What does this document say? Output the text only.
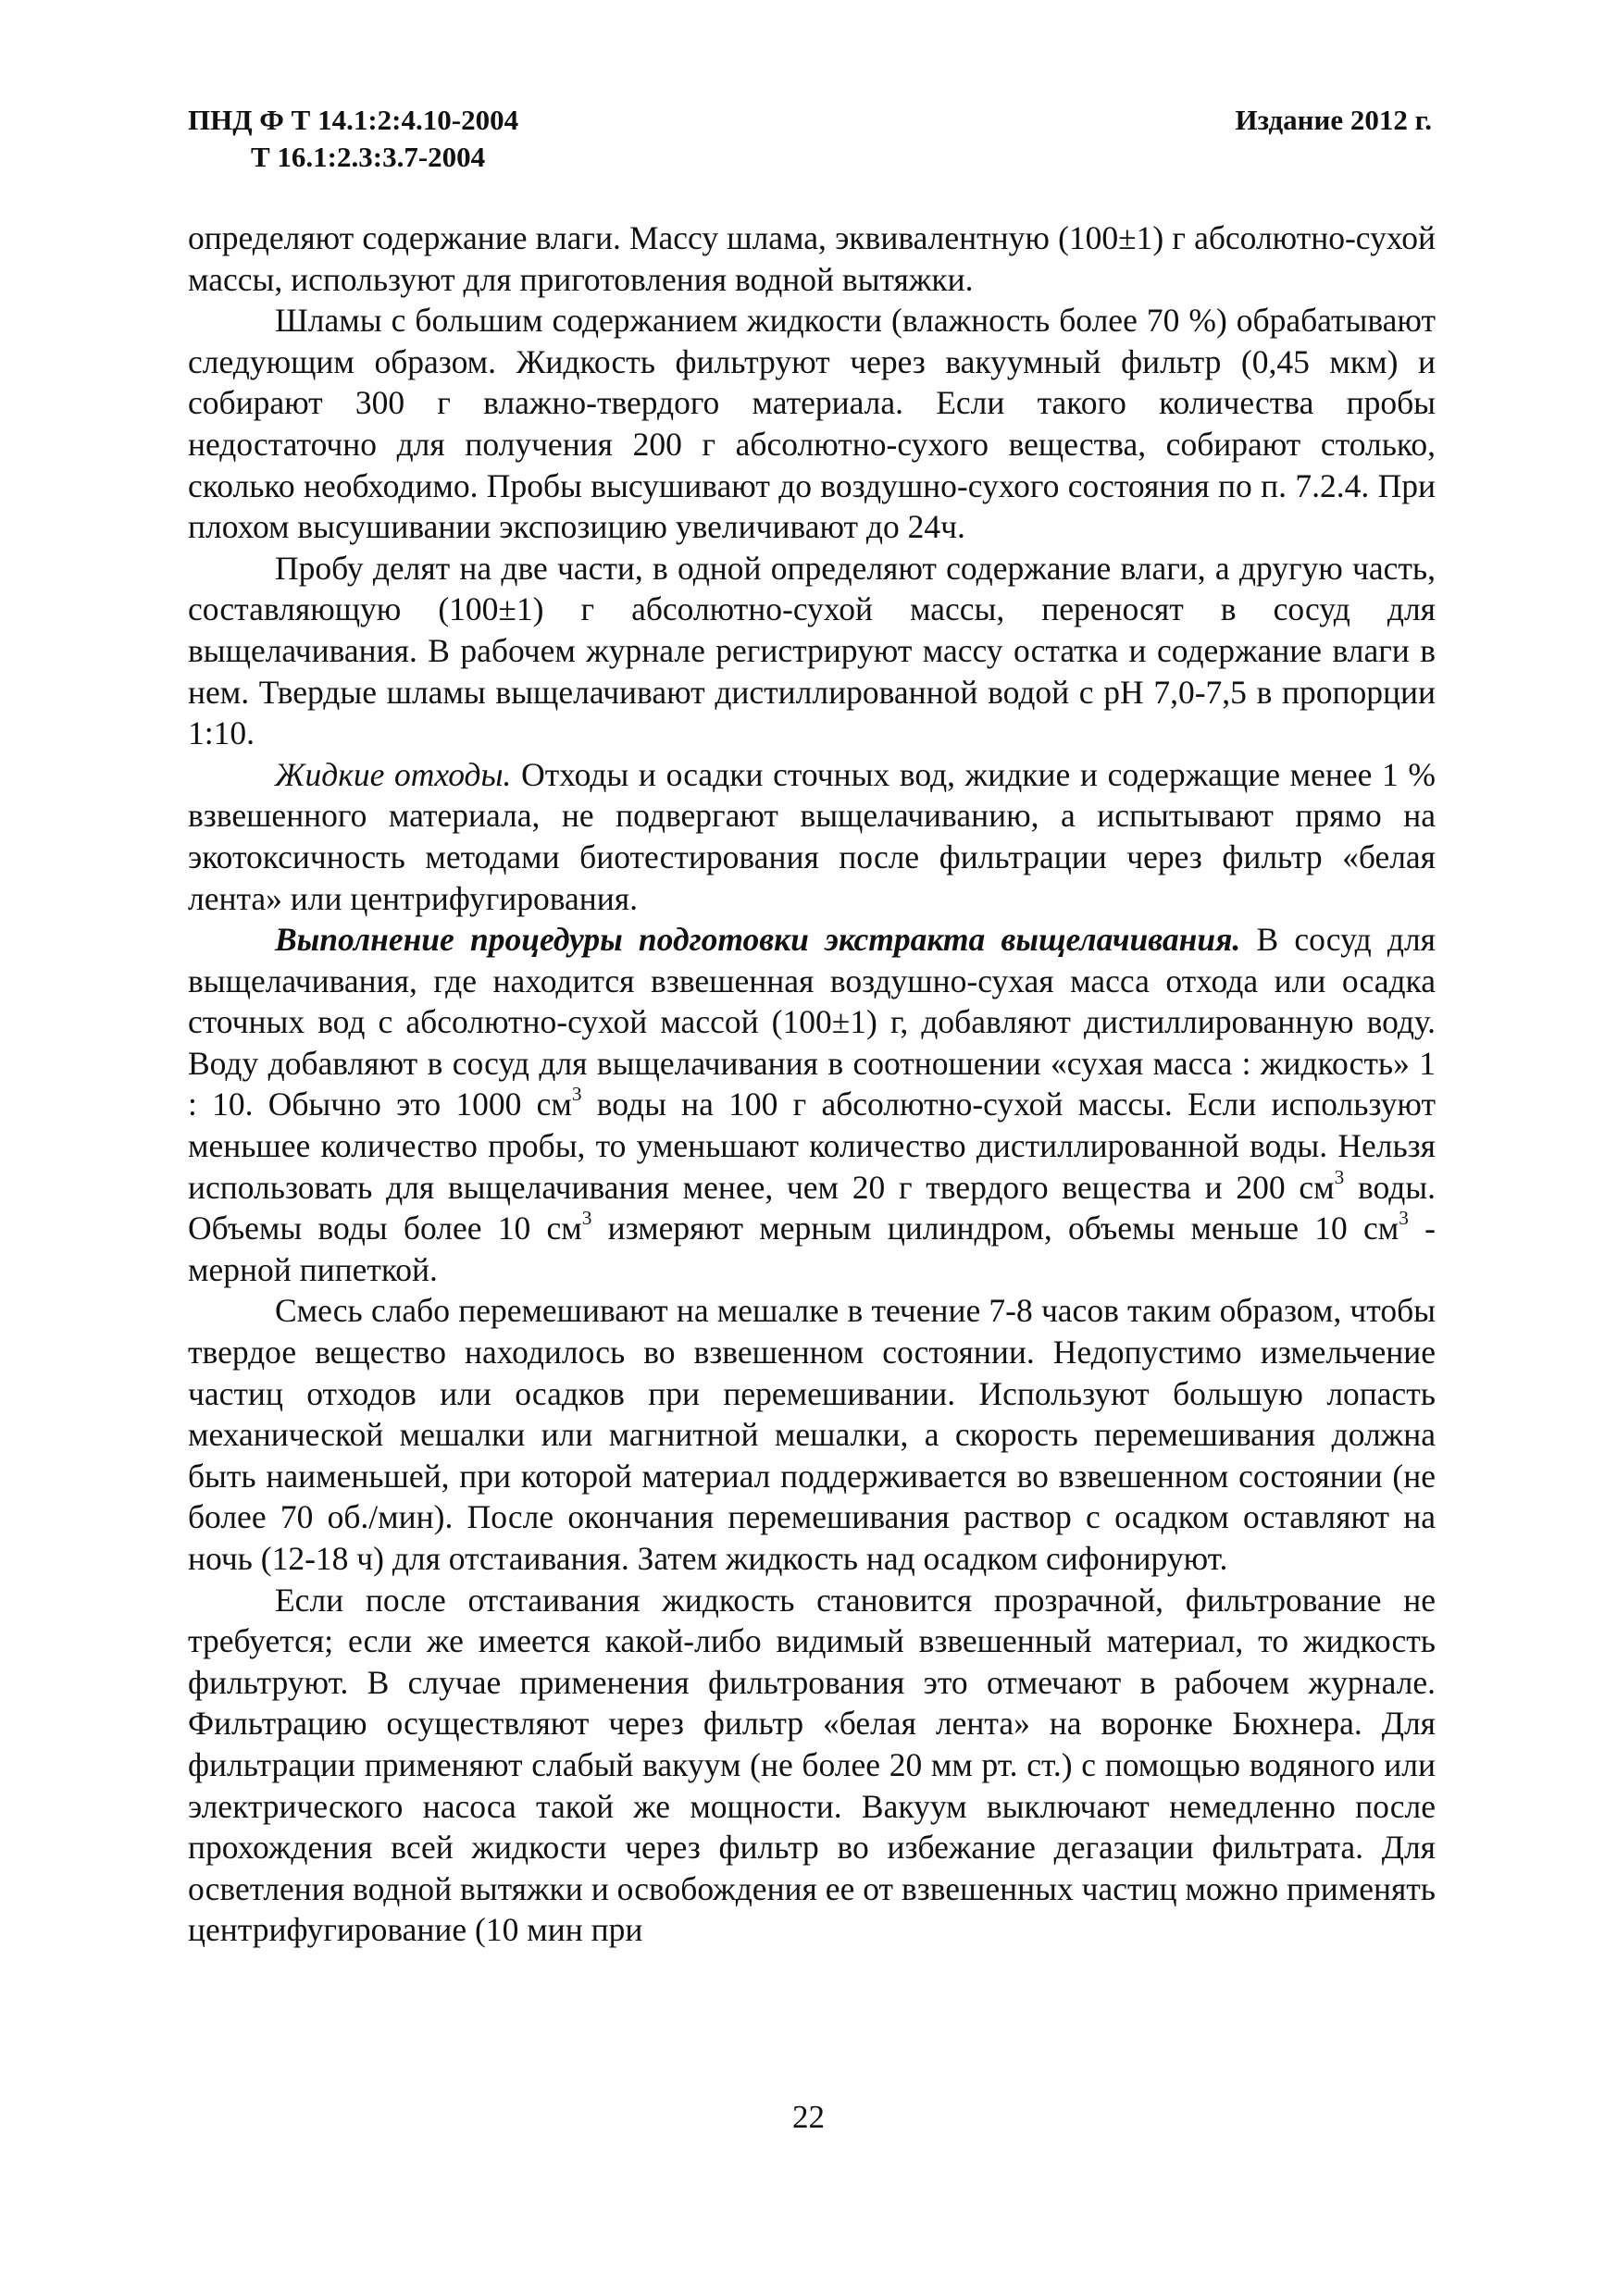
ПНД Ф Т 14.1:2:4.10-2004
Т 16.1:2.3:3.7-2004
Издание 2012 г.

определяют содержание влаги. Массу шлама, эквивалентную (100±1) г абсолютно-сухой массы, используют для приготовления водной вытяжки.

Шламы с большим содержанием жидкости (влажность более 70 %) обрабатывают следующим образом. Жидкость фильтруют через вакуумный фильтр (0,45 мкм) и собирают 300 г влажно-твердого материала. Если такого количества пробы недостаточно для получения 200 г абсолютно-сухого вещества, собирают столько, сколько необходимо. Пробы высушивают до воздушно-сухого состояния по п. 7.2.4. При плохом высушивании экспозицию увеличивают до 24ч.

Пробу делят на две части, в одной определяют содержание влаги, а другую часть, составляющую (100±1) г абсолютно-сухой массы, переносят в сосуд для выщелачивания. В рабочем журнале регистрируют массу остатка и содержание влаги в нем. Твердые шламы выщелачивают дистиллированной водой с рН 7,0-7,5 в пропорции 1:10.

Жидкие отходы. Отходы и осадки сточных вод, жидкие и содержащие менее 1 % взвешенного материала, не подвергают выщелачиванию, а испытывают прямо на экотоксичность методами биотестирования после фильтрации через фильтр «белая лента» или центрифугирования.

Выполнение процедуры подготовки экстракта выщелачивания. В сосуд для выщелачивания, где находится взвешенная воздушно-сухая масса отхода или осадка сточных вод с абсолютно-сухой массой (100±1) г, добавляют дистиллированную воду. Воду добавляют в сосуд для выщелачивания в соотношении «сухая масса : жидкость» 1 : 10. Обычно это 1000 $см^3$ воды на 100 г абсолютно-сухой массы. Если используют меньшее количество пробы, то уменьшают количество дистиллированной воды. Нельзя использовать для выщелачивания менее, чем 20 г твердого вещества и 200 $см^3$ воды. Объемы воды более 10 $см^3$ измеряют мерным цилиндром, объемы меньше 10 $см^3$ - мерной пипеткой.

Смесь слабо перемешивают на мешалке в течение 7-8 часов таким образом, чтобы твердое вещество находилось во взвешенном состоянии. Недопустимо измельчение частиц отходов или осадков при перемешивании. Используют большую лопасть механической мешалки или магнитной мешалки, а скорость перемешивания должна быть наименьшей, при которой материал поддерживается во взвешенном состоянии (не более 70 об./мин). После окончания перемешивания раствор с осадком оставляют на ночь (12-18 ч) для отстаивания. Затем жидкость над осадком сифонируют.

Если после отстаивания жидкость становится прозрачной, фильтрование не требуется; если же имеется какой-либо видимый взвешенный материал, то жидкость фильтруют. В случае применения фильтрования это отмечают в рабочем журнале. Фильтрацию осуществляют через фильтр «белая лента» на воронке Бюхнера. Для фильтрации применяют слабый вакуум (не более 20 мм рт. ст.) с помощью водяного или электрического насоса такой же мощности. Вакуум выключают немедленно после прохождения всей жидкости через фильтр во избежание дегазации фильтрата. Для осветления водной вытяжки и освобождения ее от взвешенных частиц можно применять центрифугирование (10 мин при

22
